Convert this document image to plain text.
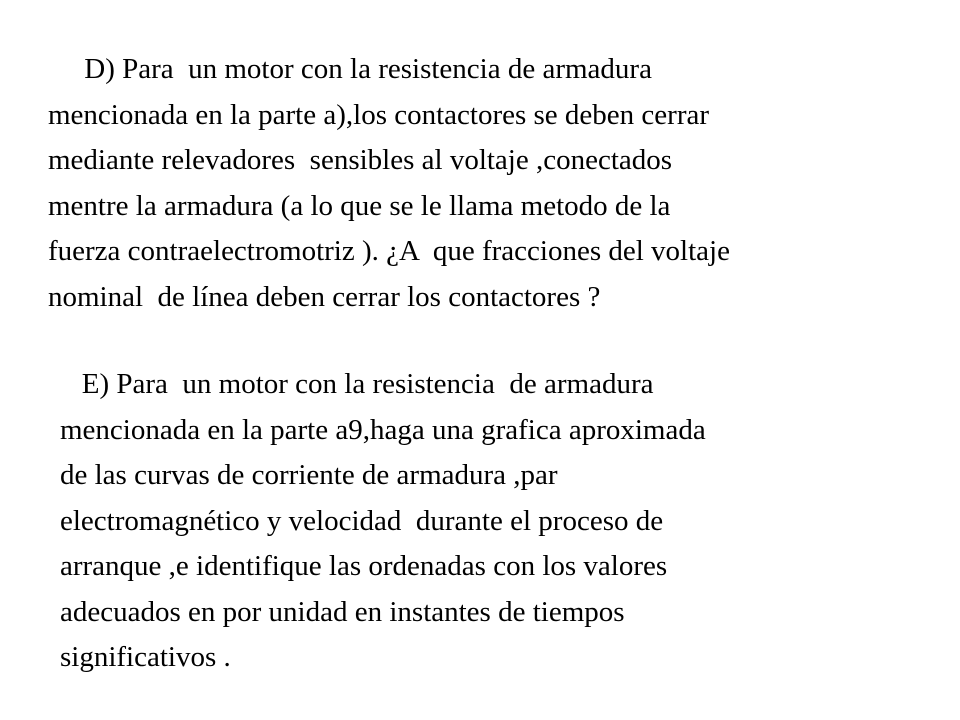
D) Para  un motor con la resistencia de armadura
mencionada en la parte a),los contactores se deben cerrar
mediante relevadores  sensibles al voltaje ,conectados
mentre la armadura (a lo que se le llama metodo de la
fuerza contraelectromotriz ). ¿A  que fracciones del voltaje
nominal  de línea deben cerrar los contactores ?

E) Para  un motor con la resistencia  de armadura
mencionada en la parte a9,haga una grafica aproximada
de las curvas de corriente de armadura ,par
electromagnético y velocidad  durante el proceso de
arranque ,e identifique las ordenadas con los valores
adecuados en por unidad en instantes de tiempos
significativos .
